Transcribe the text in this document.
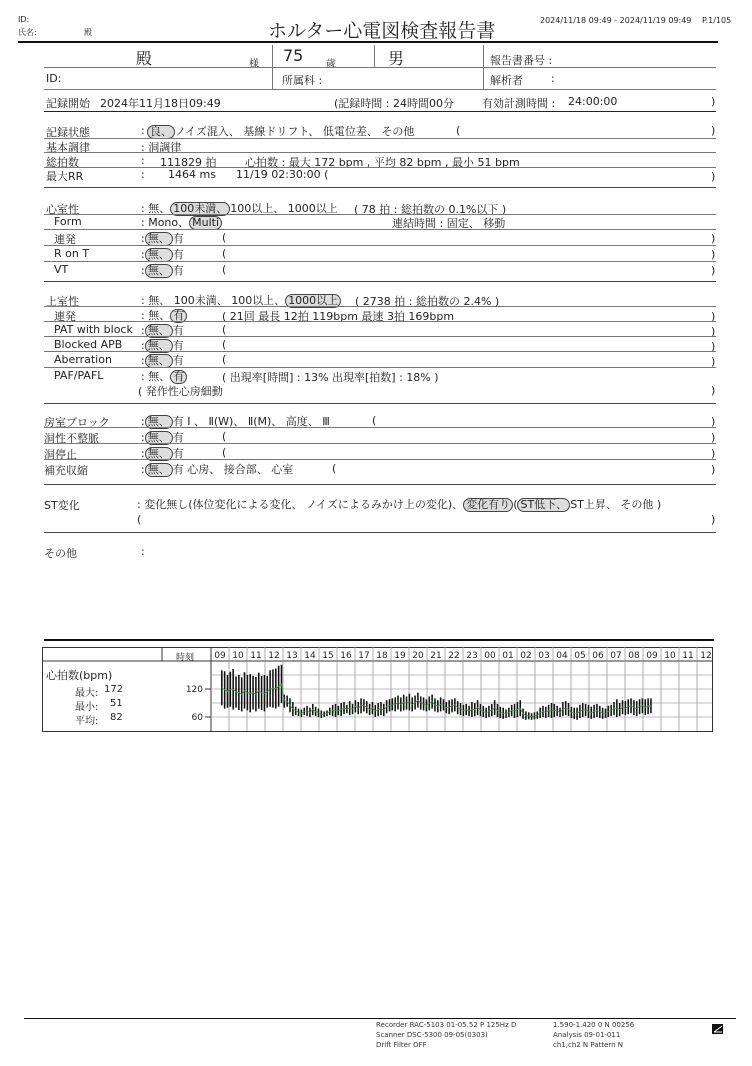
ID:
氏名:	殿	ホルター心電図検査報告書	2024/11/18 09:49 - 2024/11/19 09:49 P.1/105
殿	様 75 歳	男	報告書番号 :
ID:	所属科 :	解析者	:
記録開始 2024年11月18日09:49	(記録時間 : 24時間00分	有効計測時間 : 24:00:00	)
記録状態	: 良、 ノイズ混入、 基線ドリフト、 低電位差、 その他	(	)
基本調律	: 洞調律
総拍数	: 111829 拍	心拍数 : 最大 172 bpm , 平均 82 bpm , 最小 51 bpm
最大RR	: 1464 ms 11/19 02:30:00 (	)
心室性	: 無、 100未満、 100以上、 1000以上 ( 78 拍 : 総拍数の 0.1%以下 )
Form	: Mono、 Multi	連結時間 : 固定、 移動
連発	: 無、 有	(	)
R on T	: 無、 有	(	)
VT	: 無、 有	(	)
上室性	: 無、 100未満、 100以上、 1000以上 ( 2738 拍 : 総拍数の 2.4% )
連発	: 無、 有	( 21回 最長 12拍 119bpm 最速 3拍 169bpm	)
PAT with block : 無、 有	(	)
Blocked APB : 無、 有	(	)
Aberration	: 無、 有	(	)
PAF/PAFL	: 無、 有	( 出現率[時間] : 13% 出現率[拍数] : 18% )
( 発作性心房細動	)
房室ブロック	: 無、 有 Ⅰ 、 Ⅱ(W)、 Ⅱ(M)、 高度、 Ⅲ	(	)
洞性不整脈	: 無、 有	(	)
洞停止	: 無、 有	(	)
補充収縮	: 無、 有 心房、 接合部、 心室	(	)
ST変化	: 変化無し(体位変化による変化、 ノイズによるみかけ上の変化)、 変化有り ( ST低下、 ST上昇、 その他 )
(	)
その他	:
120
60
09 10 11 12 13 14 15 16 17 18 19 20 21 22 23 00 01 02 03 04 05 06 07 08 09 10 11 12
心拍数(bpm)
最大: 172
最小: 51
平均: 82
時刻
Recorder RAC-5103 01-05.52 P 125Hz D
Scanner DSC-5300 09-05(0303)
Drift Filter OFF
1.590-1.420 0 N 00256
Analysis 09-01-011
ch1,ch2 N Pattern N
